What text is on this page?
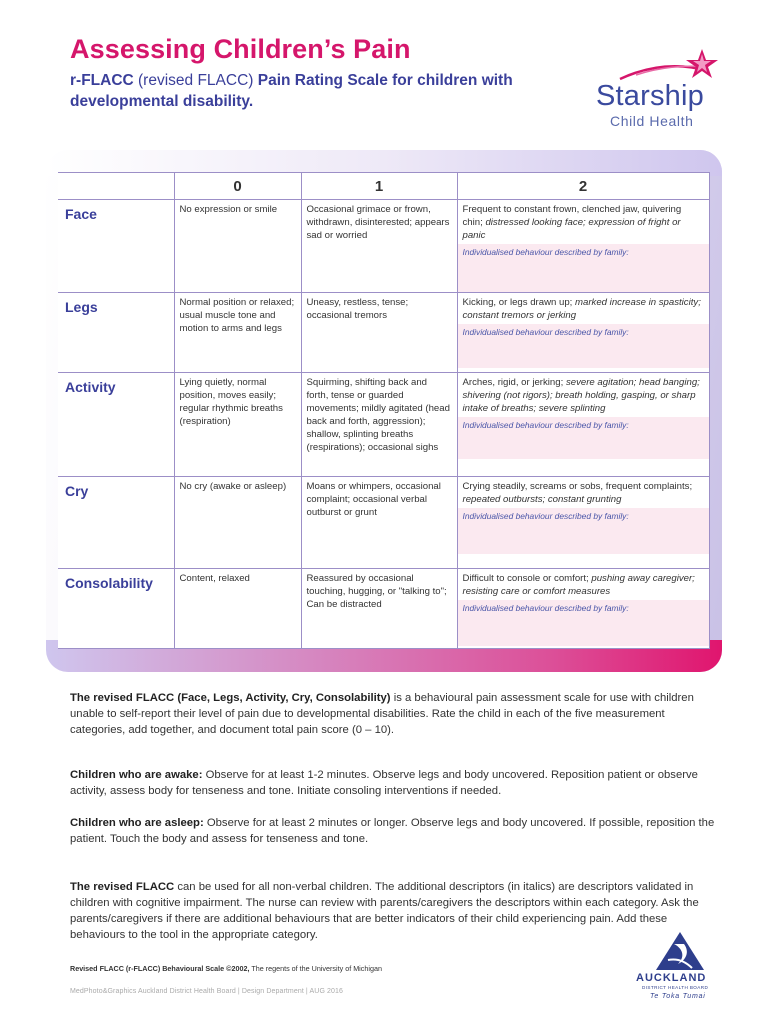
Assessing Children’s Pain
r-FLACC (revised FLACC) Pain Rating Scale for children with developmental disability.	Starship
Child Health
	0	1	2
Face	No expression or smile	Occasional grimace or frown, withdrawn, disinterested; appears sad or worried	Frequent to constant frown, clenched jaw, quivering chin; distressed looking face; expression of fright or panic
Individualised behaviour described by family:

Legs	Normal position or relaxed; usual muscle tone and motion to arms and legs	Uneasy, restless, tense; occasional tremors	Kicking, or legs drawn up; marked increase in spasticity; constant tremors or jerking
Individualised behaviour described by family:

Activity	Lying quietly, normal position, moves easily; regular rhythmic breaths (respiration)	Squirming, shifting back and forth, tense or guarded movements; mildly agitated (head back and forth, aggression); shallow, splinting breaths (respirations); occasional sighs	Arches, rigid, or jerking; severe agitation; head banging; shivering (not rigors); breath holding, gasping, or sharp intake of breaths; severe splinting
Individualised behaviour described by family:

Cry	No cry (awake or asleep)	Moans or whimpers, occasional complaint; occasional verbal outburst or grunt	Crying steadily, screams or sobs, frequent complaints; repeated outbursts; constant grunting
Individualised behaviour described by family:

Consolability	Content, relaxed	Reassured by occasional touching, hugging, or "talking to"; Can be distracted	Difficult to console or comfort; pushing away caregiver; resisting care or comfort measures
Individualised behaviour described by family:
The revised FLACC (Face, Legs, Activity, Cry, Consolability) is a behavioural pain assessment scale for use with children unable to self-report their level of pain due to developmental disabilities. Rate the child in each of the five measurement categories, add together, and document total pain score (0 – 10).
Children who are awake: Observe for at least 1-2 minutes. Observe legs and body uncovered. Reposition patient or observe activity, assess body for tenseness and tone. Initiate consoling interventions if needed.
Children who are asleep: Observe for at least 2 minutes or longer. Observe legs and body uncovered. If possible, reposition the patient. Touch the body and assess for tenseness and tone.
The revised FLACC can be used for all non-verbal children. The additional descriptors (in italics) are descriptors validated in children with cognitive impairment. The nurse can review with parents/caregivers the descriptors within each category. Ask the parents/caregivers if there are additional behaviours that are better indicators of their child experiencing pain. Add these behaviours to the tool in the appropriate category.
Revised FLACC (r-FLACC) Behavioural Scale ©2002, The regents of the University of Michigan
MedPhoto&Graphics Auckland District Health Board | Design Department | AUG 2016
AUCKLAND
DISTRICT HEALTH BOARD
Te Toka Tumai
